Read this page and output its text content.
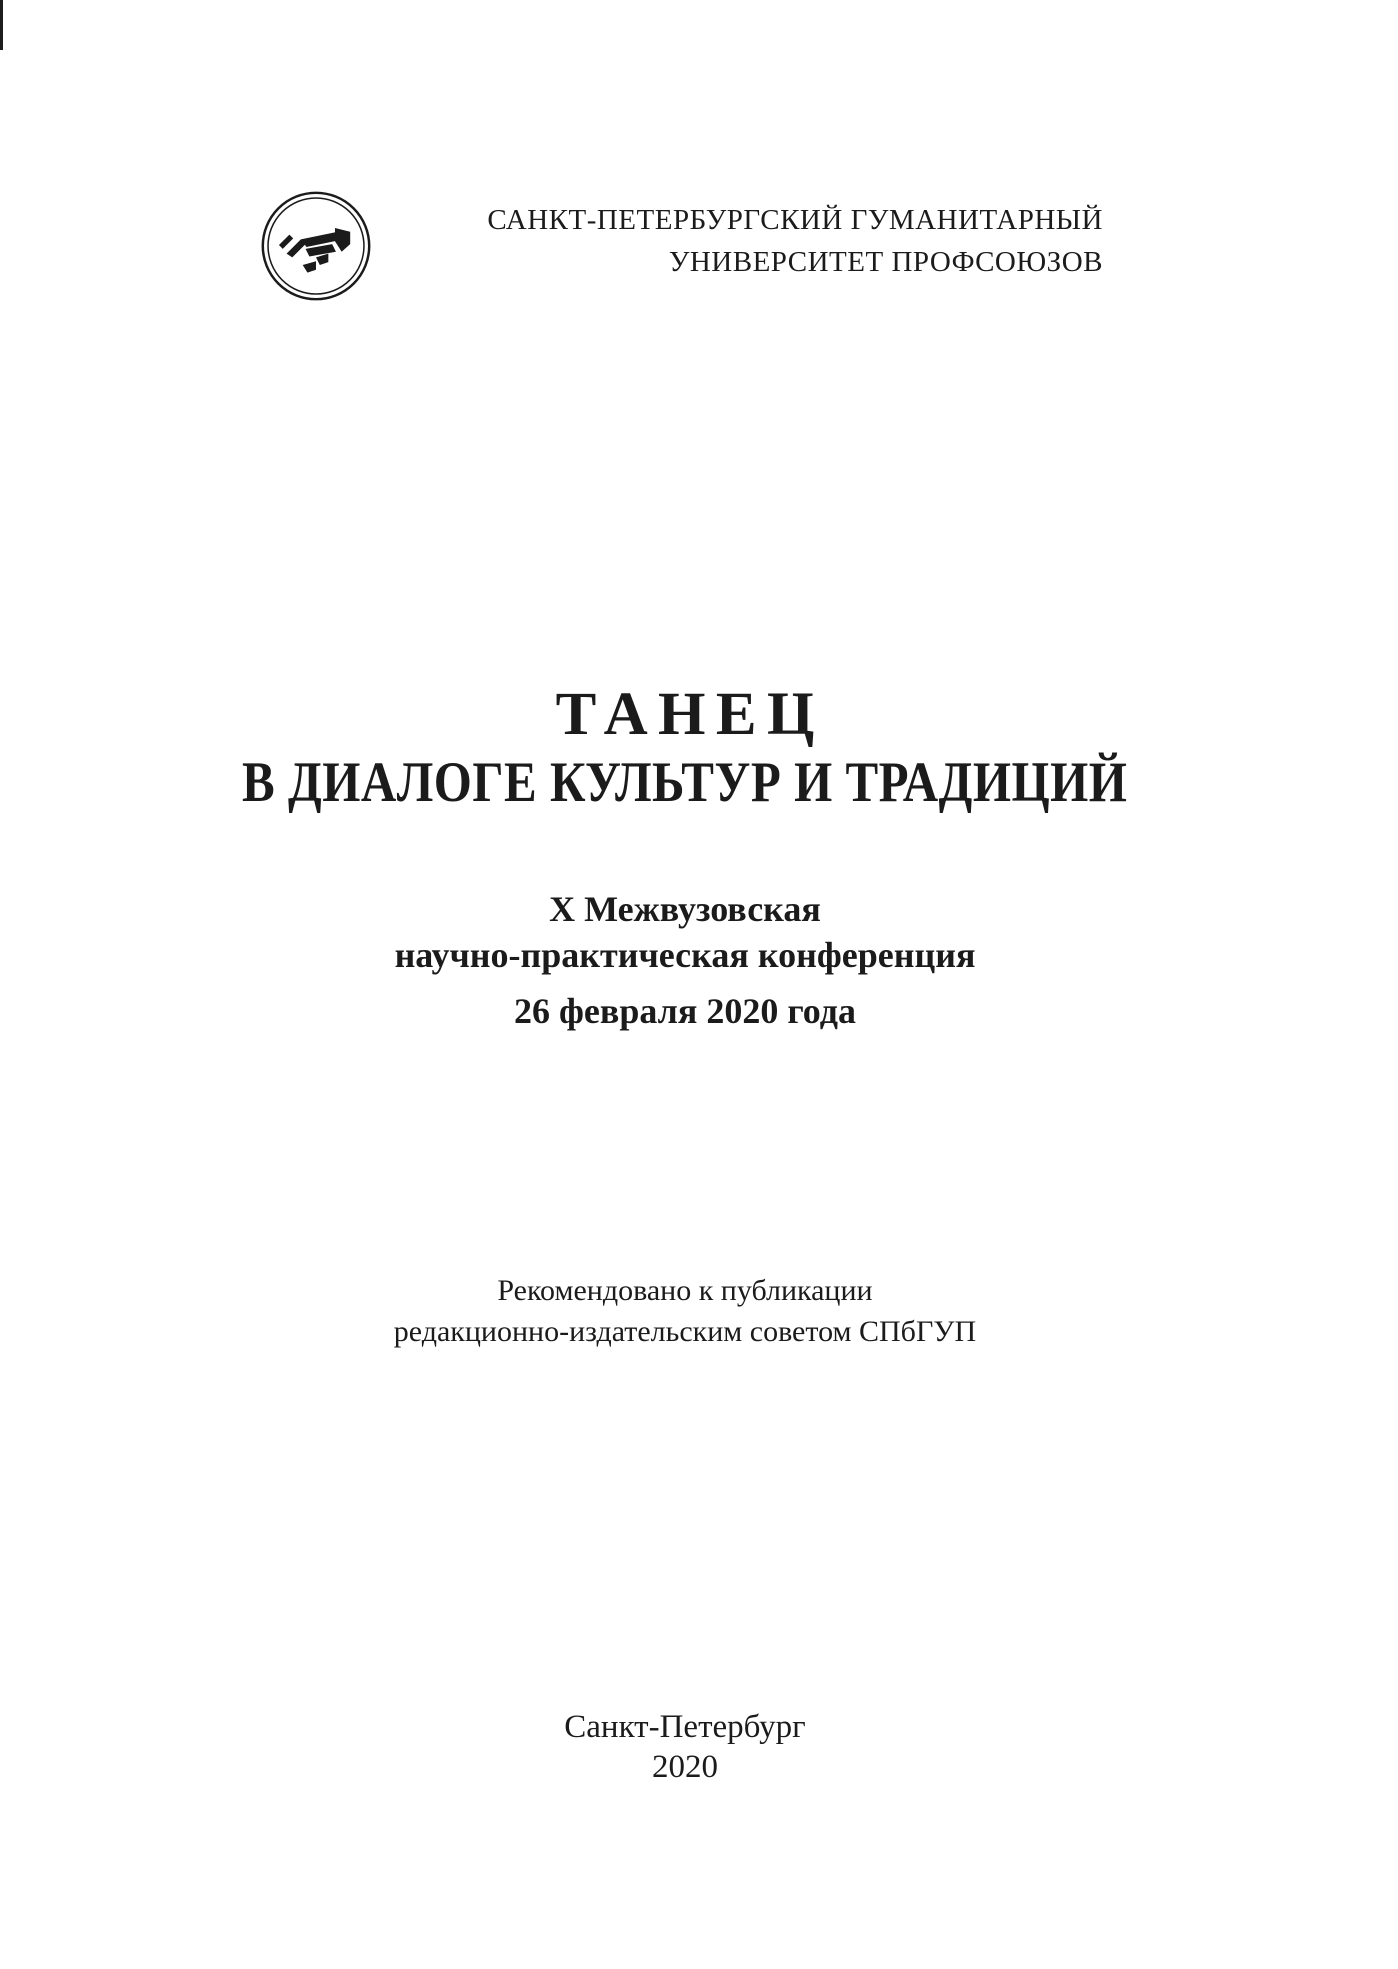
САНКТ-ПЕТЕРБУРГСКИЙ ГУМАНИТАРНЫЙ
УНИВЕРСИТЕТ ПРОФСОЮЗОВ
ТАНЕЦ
В ДИАЛОГЕ КУЛЬТУР И ТРАДИЦИЙ
X Межвузовская
научно-практическая конференция
26 февраля 2020 года
Рекомендовано к публикации
редакционно-издательским советом СПбГУП
Санкт-Петербург
2020
